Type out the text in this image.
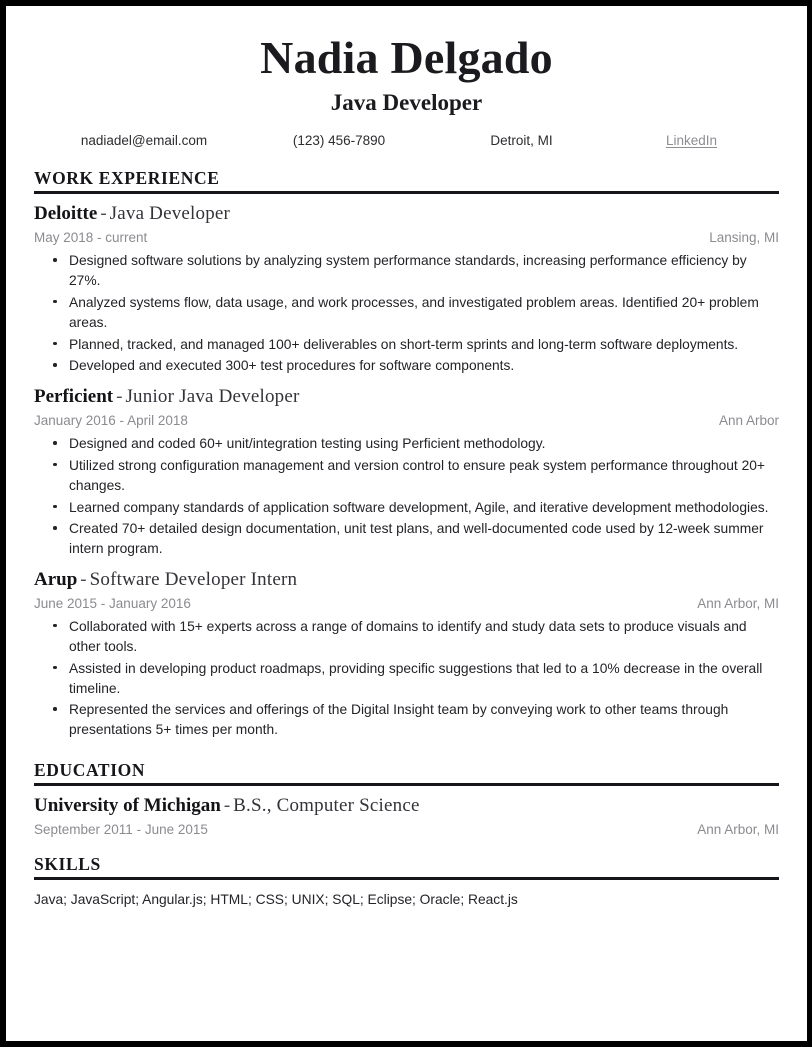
Nadia Delgado
Java Developer
nadiadel@email.com	(123) 456-7890	Detroit, MI	LinkedIn
WORK EXPERIENCE
Deloitte - Java Developer
May 2018 - current	Lansing, MI
Designed software solutions by analyzing system performance standards, increasing performance efficiency by 27%.
Analyzed systems flow, data usage, and work processes, and investigated problem areas. Identified 20+ problem areas.
Planned, tracked, and managed 100+ deliverables on short-term sprints and long-term software deployments.
Developed and executed 300+ test procedures for software components.
Perficient - Junior Java Developer
January 2016 - April 2018	Ann Arbor
Designed and coded 60+ unit/integration testing using Perficient methodology.
Utilized strong configuration management and version control to ensure peak system performance throughout 20+ changes.
Learned company standards of application software development, Agile, and iterative development methodologies.
Created 70+ detailed design documentation, unit test plans, and well-documented code used by 12-week summer intern program.
Arup - Software Developer Intern
June 2015 - January 2016	Ann Arbor, MI
Collaborated with 15+ experts across a range of domains to identify and study data sets to produce visuals and other tools.
Assisted in developing product roadmaps, providing specific suggestions that led to a 10% decrease in the overall timeline.
Represented the services and offerings of the Digital Insight team by conveying work to other teams through presentations 5+ times per month.
EDUCATION
University of Michigan - B.S., Computer Science
September 2011 - June 2015	Ann Arbor, MI
SKILLS
Java; JavaScript; Angular.js; HTML; CSS; UNIX; SQL; Eclipse; Oracle; React.js
